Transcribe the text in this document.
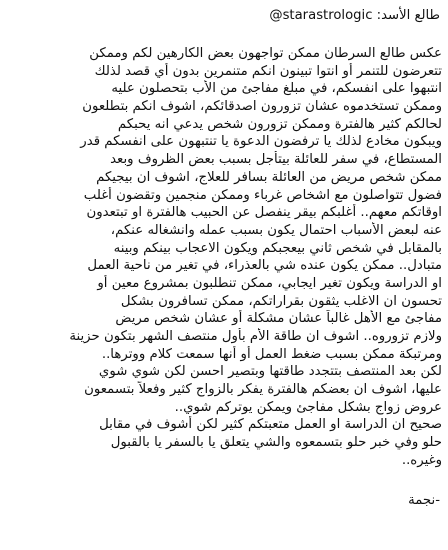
طالع الأسد: @starastrologic
عكس طالع السرطان ممكن تواجهون بعض الكارهين لكم وممكن
تتعرضون للتنمر أو انتوا تبينون انكم متنمرين بدون أي قصد لذلك
انتبهوا على انفسكم، في مبلغ مفاجئ من الأب بتحصلون عليه
وممكن تستخدموه عشان تزورون اصدقائكم، اشوف انكم بتطلعون
لحالكم كثير هالفترة وممكن تزورون شخص يدعي انه يحبكم
ويبكون مخادع لذلك يا ترفضون الدعوة يا تنتبهون على انفسكم قدر
المستطاع، في سفر للعائلة بيتأجل بسبب بعض الظروف وبعد
ممكن شخص مريض من العائلة بسافر للعلاج، اشوف ان بيجيكم
فضول تتواصلون مع اشخاص غرباء وممكن منجمين وتقضون أغلب
اوقاتكم معهم.. أغلبكم بيقر ينفصل عن الحبيب هالفترة او تبتعدون
عنه لبعض الأسباب احتمال يكون بسبب عمله وانشغاله عنكم،
بالمقابل في شخص ثاني بيعجبكم ويكون الاعجاب بينكم وبينه
متبادل.. ممكن يكون عنده شي بالعذراء، في تغير من ناحية العمل
او الدراسة ويكون تغير ايجابي، ممكن تنطلبون بمشروع معين أو
تحسون ان الاغلب يثقون بقراراتكم، ممكن تسافرون بشكل
مفاجئ مع الأهل غالباً عشان مشكلة أو عشان شخص مريض
ولازم تزوروه.. اشوف ان طاقة الأم بأول منتصف الشهر بتكون حزينة
ومرتبكة ممكن بسبب ضغط العمل أو أنها سمعت كلام ووترها..
لكن بعد المنتصف بتتجدد طاقتها وبتصير احسن لكن شوي شوي
عليها، اشوف ان بعضكم هالفترة يفكر بالزواج كثير وفعلاً بتسمعون
عروض زواج بشكل مفاجئ ويمكن يوتركم شوي..
صحيح ان الدراسة او العمل متعبتكم كثير لكن أشوف في مقابل
حلو وفي خبر حلو بتسمعوه والشي يتعلق يا بالسفر يا بالقبول
وغيره..
-نجمة
